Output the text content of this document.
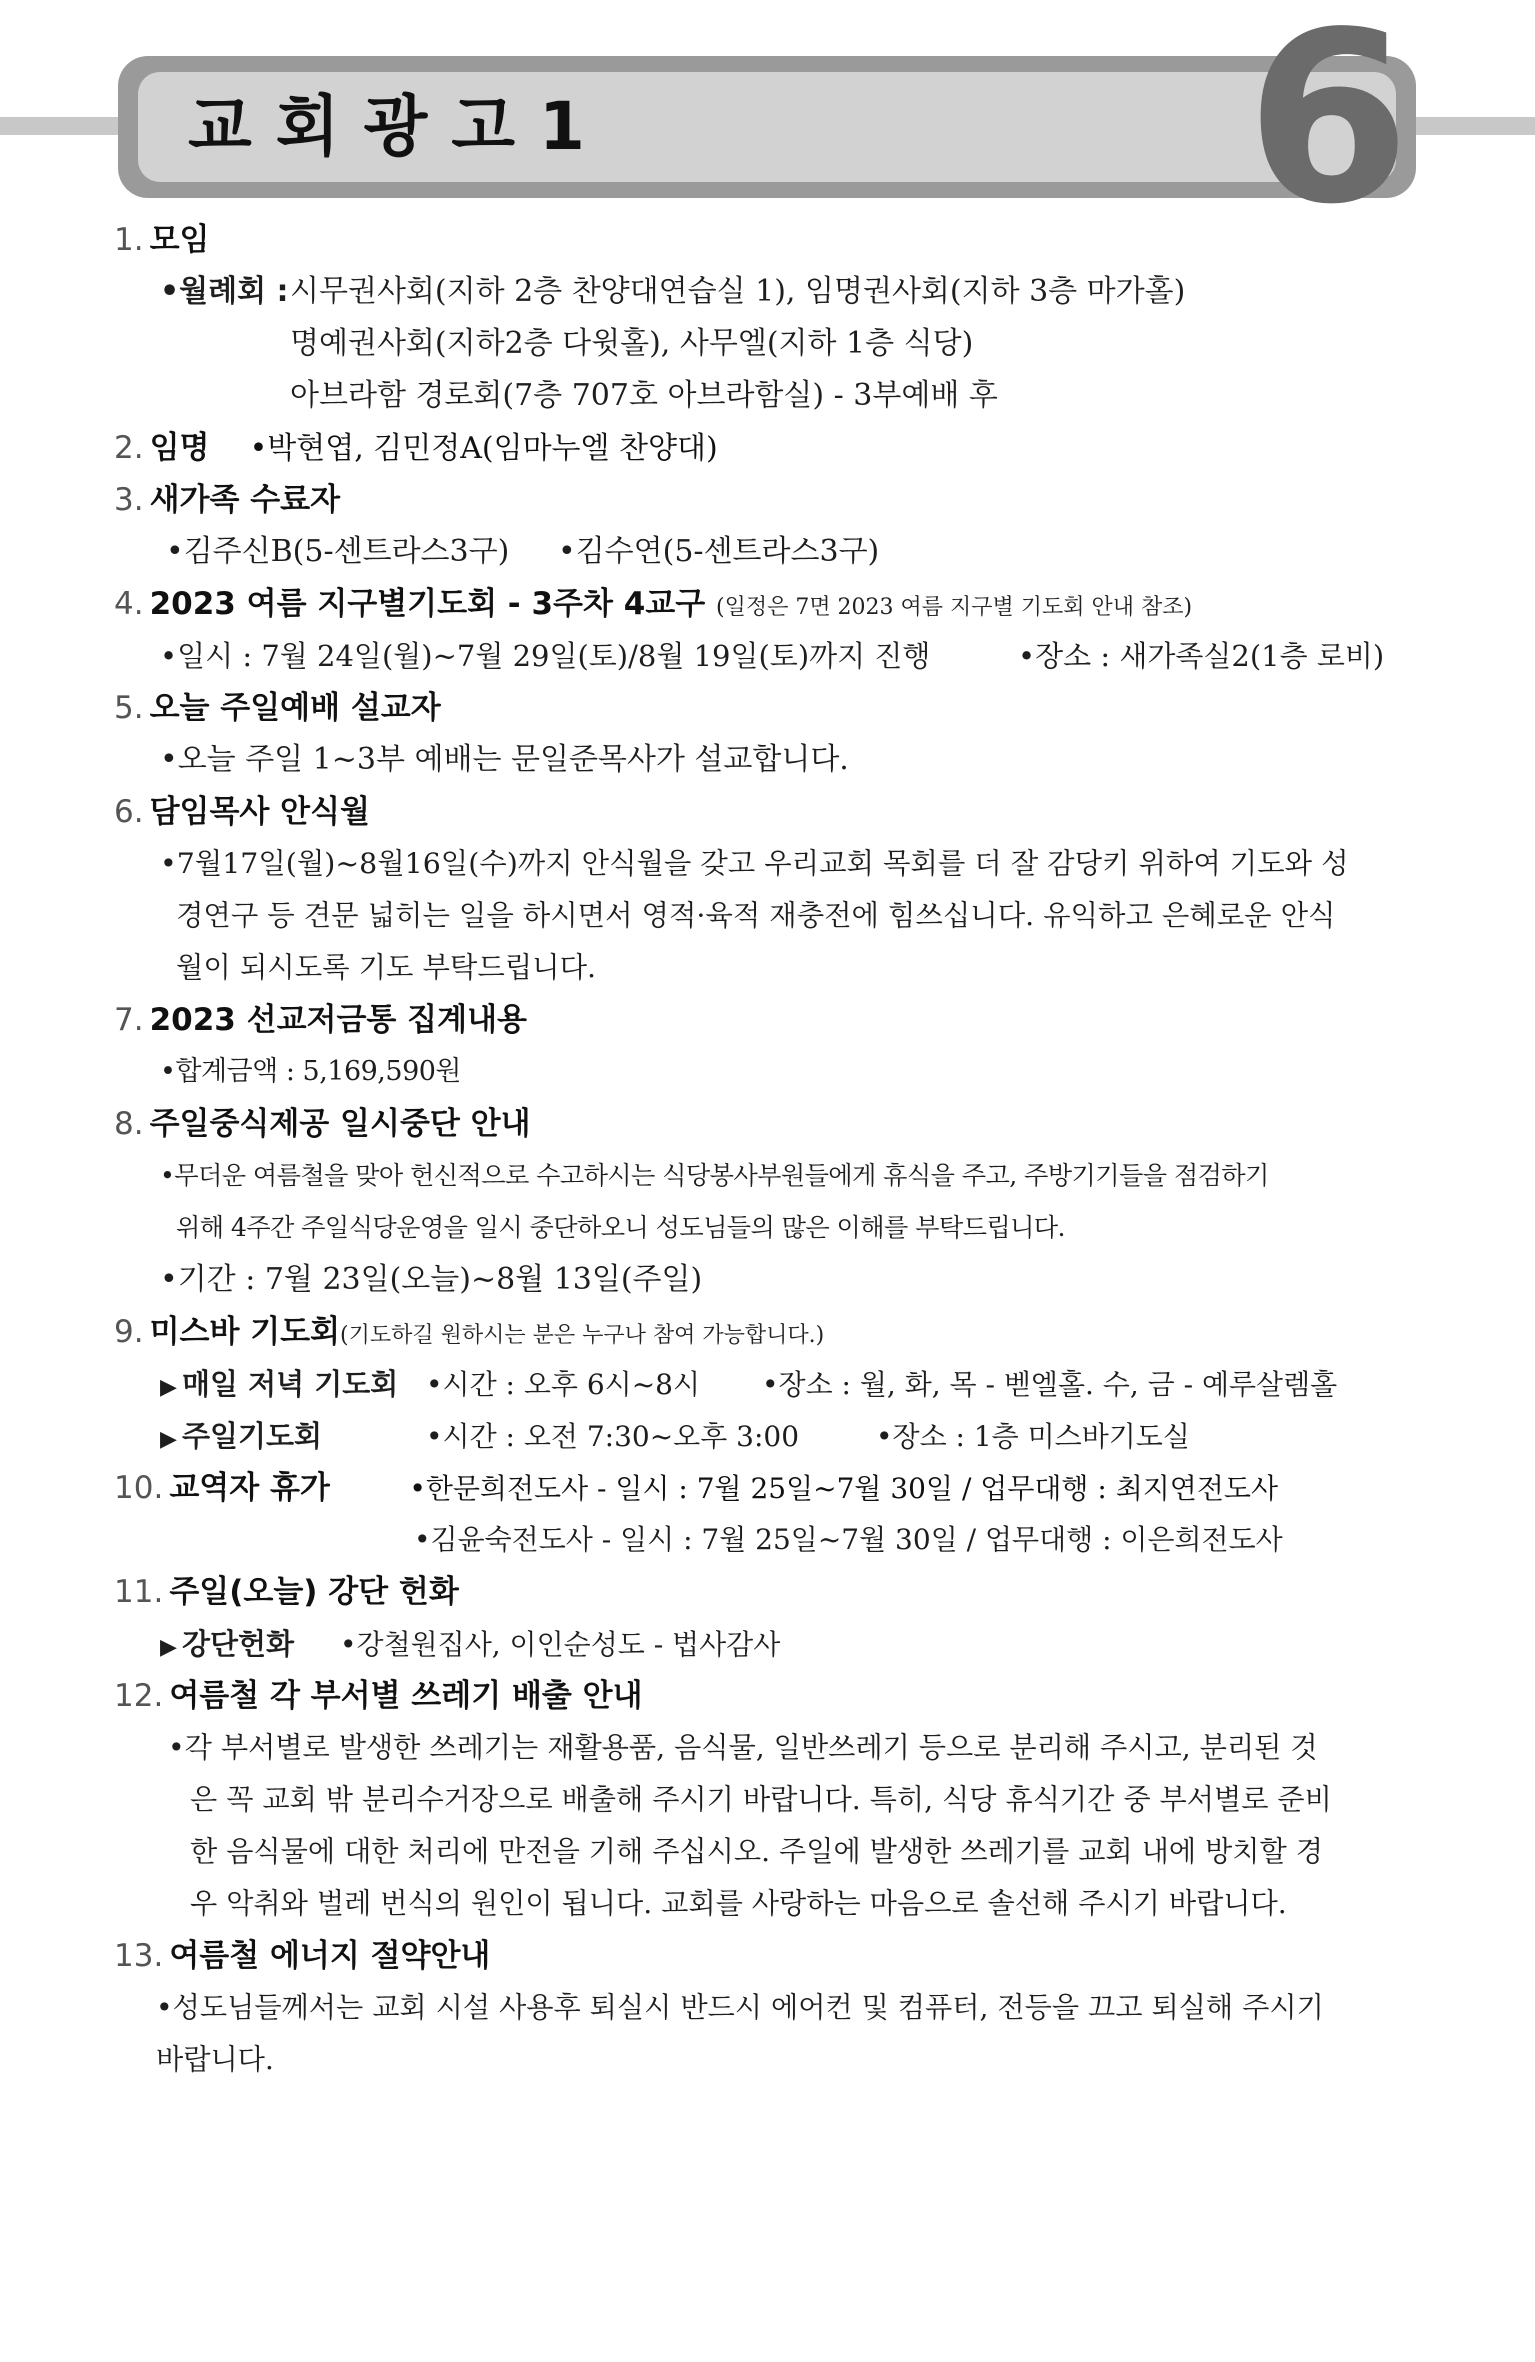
교회광고1	6
1. 모임
•월례회 :시무권사회(지하 2층 찬양대연습실 1), 임명권사회(지하 3층 마가홀)
명예권사회(지하2층 다윗홀), 사무엘(지하 1층 식당)
아브라함 경로회(7층 707호 아브라함실) - 3부예배 후
2. 임명 •박현엽, 김민정A(임마누엘 찬양대)
3. 새가족 수료자
•김주신B(5-센트라스3구) •김수연(5-센트라스3구)
4. 2023 여름 지구별기도회 - 3주차 4교구 (일정은 7면 2023 여름 지구별 기도회 안내 참조)
•일시 : 7월 24일(월)~7월 29일(토)/8월 19일(토)까지 진행	•장소 : 새가족실2(1층 로비)
5. 오늘 주일예배 설교자
•오늘 주일 1~3부 예배는 문일준목사가 설교합니다.
6. 담임목사 안식월
•7월17일(월)~8월16일(수)까지 안식월을 갖고 우리교회 목회를 더 잘 감당키 위하여 기도와 성
경연구 등 견문 넓히는 일을 하시면서 영적·육적 재충전에 힘쓰십니다. 유익하고 은혜로운 안식
월이 되시도록 기도 부탁드립니다.
7. 2023 선교저금통 집계내용
•합계금액 : 5,169,590원
8. 주일중식제공 일시중단 안내
•무더운 여름철을 맞아 헌신적으로 수고하시는 식당봉사부원들에게 휴식을 주고, 주방기기들을 점검하기
위해 4주간 주일식당운영을 일시 중단하오니 성도님들의 많은 이해를 부탁드립니다.
•기간 : 7월 23일(오늘)~8월 13일(주일)
9. 미스바 기도회(기도하길 원하시는 분은 누구나 참여 가능합니다.)
▶ 매일 저녁 기도회 •시간 : 오후 6시~8시 •장소 : 월, 화, 목 - 벧엘홀. 수, 금 - 예루살렘홀
▶ 주일기도회	•시간 : 오전 7:30~오후 3:00	•장소 : 1층 미스바기도실
10. 교역자 휴가	•한문희전도사 - 일시 : 7월 25일~7월 30일 / 업무대행 : 최지연전도사
•김윤숙전도사 - 일시 : 7월 25일~7월 30일 / 업무대행 : 이은희전도사
11. 주일(오늘) 강단 헌화
▶ 강단헌화 •강철원집사, 이인순성도 - 법사감사
12. 여름철 각 부서별 쓰레기 배출 안내
•각 부서별로 발생한 쓰레기는 재활용품, 음식물, 일반쓰레기 등으로 분리해 주시고, 분리된 것
은 꼭 교회 밖 분리수거장으로 배출해 주시기 바랍니다. 특히, 식당 휴식기간 중 부서별로 준비
한 음식물에 대한 처리에 만전을 기해 주십시오. 주일에 발생한 쓰레기를 교회 내에 방치할 경
우 악취와 벌레 번식의 원인이 됩니다. 교회를 사랑하는 마음으로 솔선해 주시기 바랍니다.
13. 여름철 에너지 절약안내
•성도님들께서는 교회 시설 사용후 퇴실시 반드시 에어컨 및 컴퓨터, 전등을 끄고 퇴실해 주시기
바랍니다.
